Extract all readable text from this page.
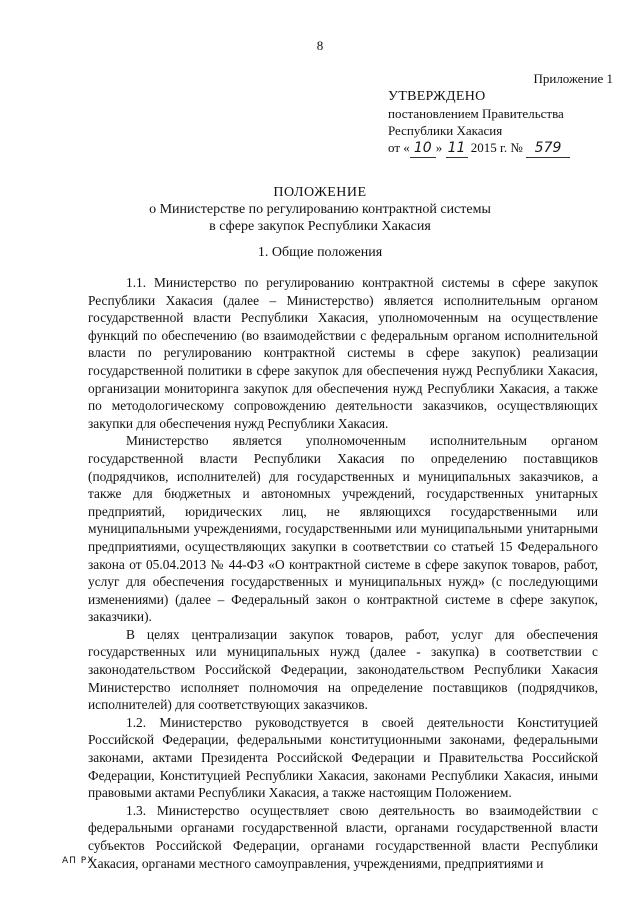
8
Приложение 1
УТВЕРЖДЕНО
постановлением Правительства
Республики Хакасия
от « 10 » 11 2015 г. № 579
ПОЛОЖЕНИЕ
о Министерстве по регулированию контрактной системы
в сфере закупок Республики Хакасия
1. Общие положения

1.1. Министерство по регулированию контрактной системы в сфере закупок Республики Хакасия (далее – Министерство) является исполнительным органом государственной власти Республики Хакасия, уполномоченным на осуществление функций по обеспечению (во взаимодействии с федеральным органом исполнительной власти по регулированию контрактной системы в сфере закупок) реализации государственной политики в сфере закупок для обеспечения нужд Республики Хакасия, организации мониторинга закупок для обеспечения нужд Республики Хакасия, а также по методологическому сопровождению деятельности заказчиков, осуществляющих закупки для обеспечения нужд Республики Хакасия.

Министерство является уполномоченным исполнительным органом государственной власти Республики Хакасия по определению поставщиков (подрядчиков, исполнителей) для государственных и муниципальных заказчиков, а также для бюджетных и автономных учреждений, государственных унитарных предприятий, юридических лиц, не являющихся государственными или муниципальными учреждениями, государственными или муниципальными унитарными предприятиями, осуществляющих закупки в соответствии со статьей 15 Федерального закона от 05.04.2013 № 44-ФЗ «О контрактной системе в сфере закупок товаров, работ, услуг для обеспечения государственных и муниципальных нужд» (с последующими изменениями) (далее – Федеральный закон о контрактной системе в сфере закупок, заказчики).

В целях централизации закупок товаров, работ, услуг для обеспечения государственных или муниципальных нужд (далее - закупка) в соответствии с законодательством Российской Федерации, законодательством Республики Хакасия Министерство исполняет полномочия на определение поставщиков (подрядчиков, исполнителей) для соответствующих заказчиков.

1.2. Министерство руководствуется в своей деятельности Конституцией Российской Федерации, федеральными конституционными законами, федеральными законами, актами Президента Российской Федерации и Правительства Российской Федерации, Конституцией Республики Хакасия, законами Республики Хакасия, иными правовыми актами Республики Хакасия, а также настоящим Положением.

1.3. Министерство осуществляет свою деятельность во взаимодействии с федеральными органами государственной власти, органами государственной власти субъектов Российской Федерации, органами государственной власти Республики Хакасия, органами местного самоуправления, учреждениями, предприятиями и

АП РХ
